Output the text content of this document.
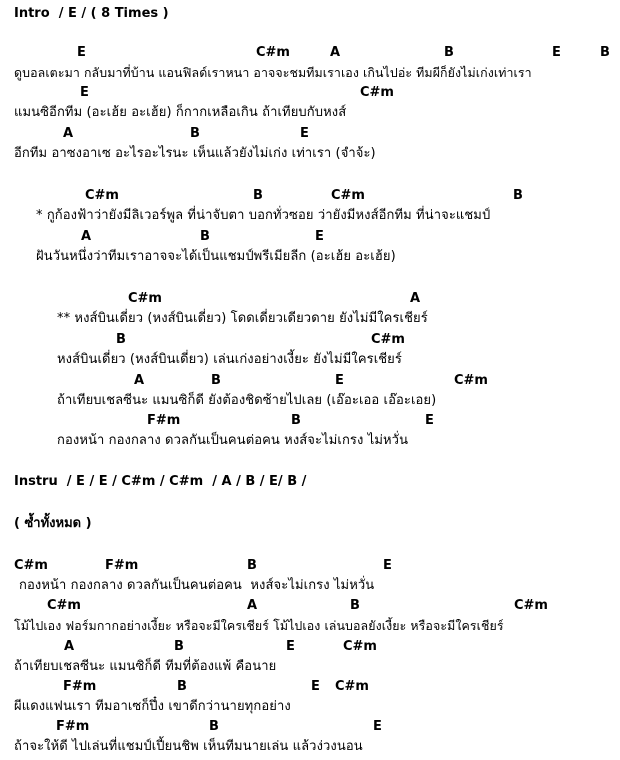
Intro  / E / ( 8 Times )
E	C#m	A	B	E	B
ดูบอลเตะมา กลับมาที่บ้าน แอนฟิลด์เราหนา อาจจะชมทีมเราเอง เกินไปอ่ะ ทีมผีก็ยังไม่เก่งเท่าเรา
E	C#m
แมนซิอีกทีม (อะเฮ้ย อะเฮ้ย) ก็กากเหลือเกิน ถ้าเทียบกับหงส์
A	B	E
อีกทีม อาซงอาเซ อะไรอะไรนะ เห็นแล้วยังไม่เก่ง เท่าเรา (จำจ้ะ)
C#m	B	C#m	B
* กูก้องฟ้าว่ายังมีลิเวอร์พูล ที่น่าจับตา บอกทั่วซอย ว่ายังมีหงส์อีกทีม ที่น่าจะแชมป์
A	B	E
ฝันวันหนึ่งว่าทีมเราอาจจะได้เป็นแชมป์พรีเมียลีก (อะเฮ้ย อะเฮ้ย)
C#m	A
** หงส์บินเดี่ยว (หงส์บินเดี่ยว) โดดเดี่ยวเดียวดาย ยังไม่มีใครเชียร์
B	C#m
หงส์บินเดี่ยว (หงส์บินเดี่ยว) เล่นเก่งอย่างเงี้ยะ ยังไม่มีใครเชียร์
A	B	E	C#m
ถ้าเทียบเชลซีนะ แมนซิก็ดี ยังต้องชิดซ้ายไปเลย (เอ๊อะเออ เอ๊อะเอย)
F#m	B	E
กองหน้า กองกลาง ดวลกันเป็นคนต่อคน หงส์จะไม่เกรง ไม่หวั่น
Instru  / E / E / C#m / C#m  / A / B / E/ B /
( ซ้ำทั้งหมด )
C#m	F#m	B	E
กองหน้า กองกลาง ดวลกันเป็นคนต่อคน  หงส์จะไม่เกรง ไม่หวั่น
C#m	A	B	C#m
โม้ไปเอง ฟอร์มกากอย่างเงี้ยะ หรือจะมีใครเชียร์ โม้ไปเอง เล่นบอลยังเงี้ยะ หรือจะมีใครเชียร์
A	B	E	C#m
ถ้าเทียบเชลซีนะ แมนซิก็ดี ทีมที่ต้องแพ้ คือนาย
F#m	B	E C#m
ผีแดงแฟนเรา ทีมอาเซก็ปึ๋ง เขาดีกว่านายทุกอย่าง
F#m	B	E
ถ้าจะให้ดี ไปเล่นที่แชมป์เปี้ยนชิพ เห็นทีมนายเล่น แล้วง่วงนอน
